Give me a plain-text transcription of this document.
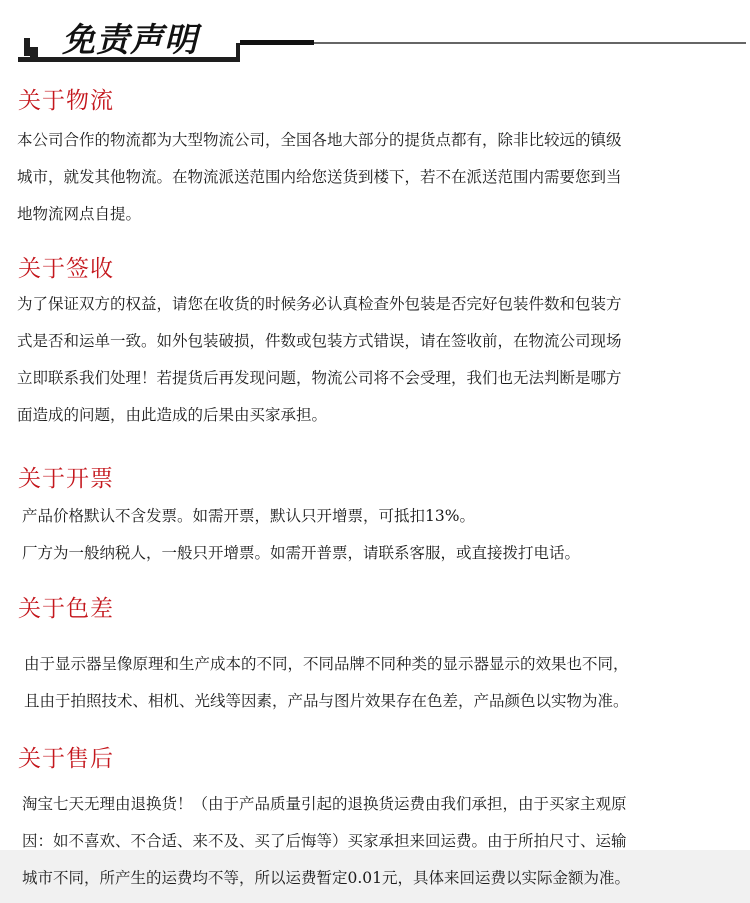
免责声明
关于物流
本公司合作的物流都为大型物流公司，全国各地大部分的提货点都有，除非比较远的镇级
城市，就发其他物流。在物流派送范围内给您送货到楼下，若不在派送范围内需要您到当
地物流网点自提。
关于签收
为了保证双方的权益，请您在收货的时候务必认真检查外包装是否完好包装件数和包装方
式是否和运单一致。如外包装破损，件数或包装方式错误，请在签收前，在物流公司现场
立即联系我们处理！若提货后再发现问题，物流公司将不会受理，我们也无法判断是哪方
面造成的问题，由此造成的后果由买家承担。
关于开票
产品价格默认不含发票。如需开票，默认只开增票，可抵扣13%。
厂方为一般纳税人，一般只开增票。如需开普票，请联系客服，或直接拨打电话。
关于色差
由于显示器呈像原理和生产成本的不同，不同品牌不同种类的显示器显示的效果也不同，
且由于拍照技术、相机、光线等因素，产品与图片效果存在色差，产品颜色以实物为准。
关于售后
淘宝七天无理由退换货！（由于产品质量引起的退换货运费由我们承担，由于买家主观原
因：如不喜欢、不合适、来不及、买了后悔等）买家承担来回运费。由于所拍尺寸、运输
城市不同，所产生的运费均不等，所以运费暂定0.01元，具体来回运费以实际金额为准。
